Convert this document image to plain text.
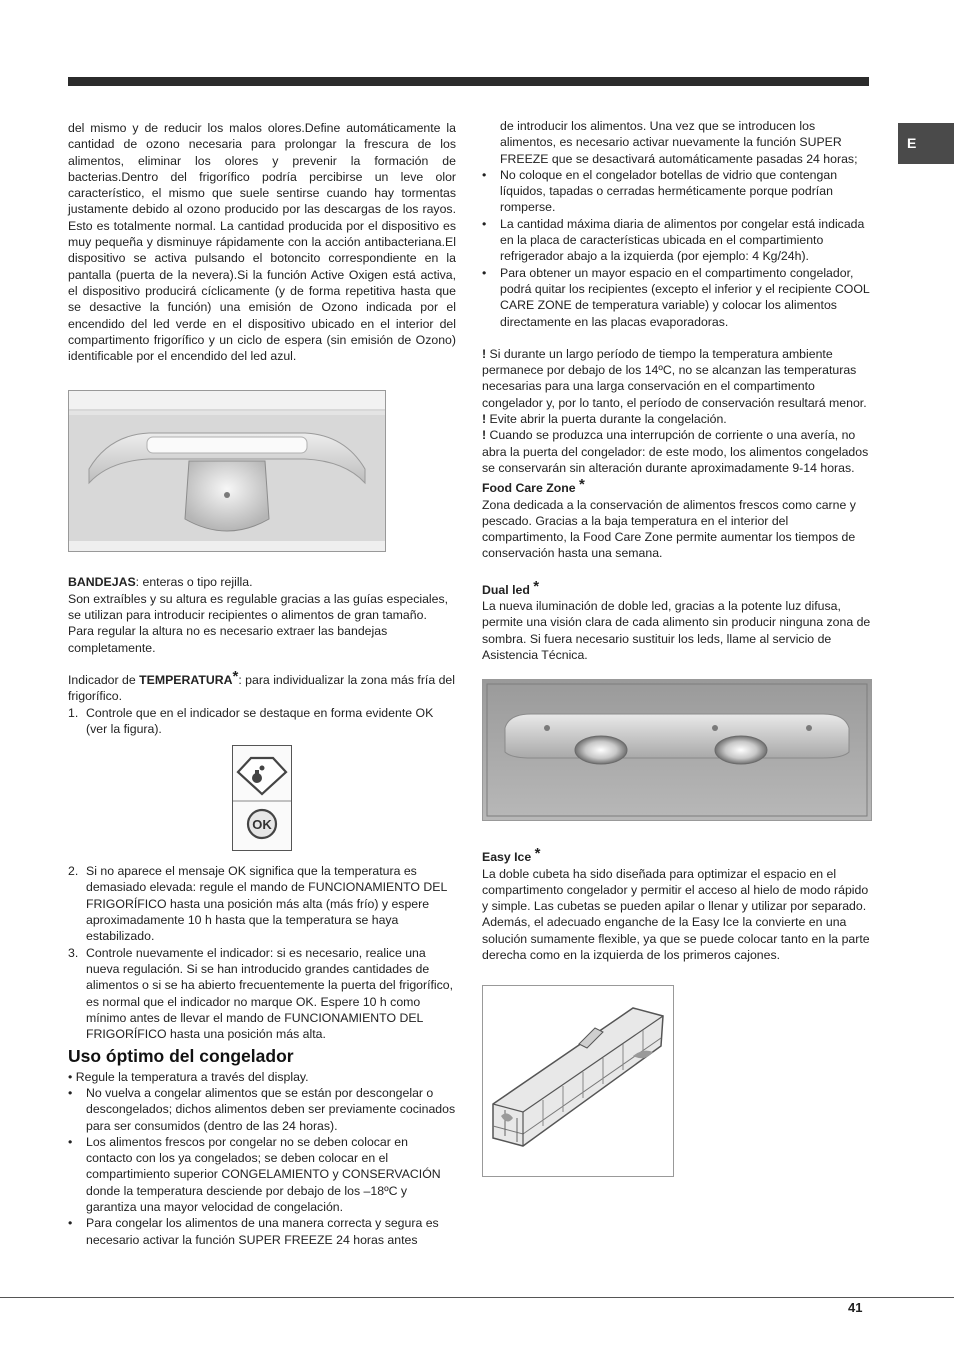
E

del mismo y de reducir los malos olores.Define automáticamente la cantidad de ozono necesaria para prolongar la frescura de los alimentos, eliminar los olores y prevenir la formación de bacterias.Dentro del frigorífico podría percibirse un leve olor característico, el mismo que suele sentirse cuando hay tormentas justamente debido al ozono producido por las descargas de los rayos. Esto es totalmente normal. La cantidad producida por el dispositivo es muy pequeña y disminuye rápidamente con la acción antibacteriana.El dispositivo se activa pulsando el botoncito correspondiente en la pantalla (puerta de la nevera).Si la función Active Oxigen está activa, el dispositivo producirá cíclicamente (y de forma repetitiva hasta que se desactive la función) una emisión de Ozono indicada por el encendido del led verde en el dispositivo ubicado en el interior del compartimento frigorífico y un ciclo de espera (sin emisión de Ozono) identificable por el encendido del led azul.

BANDEJAS: enteras o tipo rejilla.

Son extraíbles y su altura es regulable gracias a las guías especiales, se utilizan para introducir recipientes o alimentos de gran tamaño. Para regular la altura no es necesario extraer las bandejas completamente.

Indicador de TEMPERATURA*: para individualizar la zona más fría del frigorífico.

1. Controle que en el indicador se destaque en forma evidente OK (ver la figura).
OK
2. Si no aparece el mensaje OK significa que la temperatura es demasiado elevada: regule el mando de FUNCIONAMIENTO DEL FRIGORÍFICO hasta una posición más alta (más frío) y espere aproximadamente 10 h hasta que la temperatura se haya estabilizado.
3. Controle nuevamente el indicador: si es necesario, realice una nueva regulación. Si se han introducido grandes cantidades de alimentos o si se ha abierto frecuentemente la puerta del frigorífico, es normal que el indicador no marque OK. Espere 10 h como mínimo antes de llevar el mando de FUNCIONAMIENTO DEL FRIGORÍFICO hasta una posición más alta.
Uso óptimo del congelador

• Regule la temperatura a través del display.

• No vuelva a congelar alimentos que se están por descongelar o descongelados; dichos alimentos deben ser previamente cocinados para ser consumidos (dentro de las 24 horas).
• Los alimentos frescos por congelar no se deben colocar en contacto con los ya congelados; se deben colocar en el compartimiento superior CONGELAMIENTO y CONSERVACIÓN donde la temperatura desciende por debajo de los –18ºC y garantiza una mayor velocidad de congelación.
• Para congelar los alimentos de una manera correcta y segura es necesario activar la función SUPER FREEZE 24 horas antes

de introducir los alimentos. Una vez que se introducen los alimentos, es necesario activar nuevamente la función SUPER FREEZE que se desactivará automáticamente pasadas 24 horas;

• No coloque en el congelador botellas de vidrio que contengan líquidos, tapadas o cerradas herméticamente porque podrían romperse.
• La cantidad máxima diaria de alimentos por congelar está indicada en la placa de características ubicada en el compartimiento refrigerador abajo a la izquierda (por ejemplo: 4 Kg/24h).
• Para obtener un mayor espacio en el compartimento congelador, podrá quitar los recipientes (excepto el inferior y el recipiente COOL CARE ZONE de temperatura variable) y colocar los alimentos directamente en las placas evaporadoras.

! Si durante un largo período de tiempo la temperatura ambiente permanece por debajo de los 14ºC, no se alcanzan las temperaturas necesarias para una larga conservación en el compartimento congelador y, por lo tanto, el período de conservación resultará menor.

! Evite abrir la puerta durante la congelación.

! Cuando se produzca una interrupción de corriente o una avería, no abra la puerta del congelador: de este modo, los alimentos congelados se conservarán sin alteración durante aproximadamente 9-14 horas.

Food Care Zone *

Zona dedicada a la conservación de alimentos frescos como carne y pescado. Gracias a la baja temperatura en el interior del compartimento, la Food Care Zone permite aumentar los tiempos de conservación hasta una semana.

Dual led *

La nueva iluminación de doble led, gracias a la potente luz difusa, permite una visión clara de cada alimento sin producir ninguna zona de sombra. Si fuera necesario sustituir los leds, llame al servicio de Asistencia Técnica.

Easy Ice *

La doble cubeta ha sido diseñada para optimizar el espacio en el compartimento congelador y permitir el acceso al hielo de modo rápido y simple. Las cubetas se pueden apilar o llenar y utilizar por separado.

Además, el adecuado enganche de la Easy Ice la convierte en una solución sumamente flexible, ya que se puede colocar tanto en la parte derecha como en la izquierda de los primeros cajones.

41
